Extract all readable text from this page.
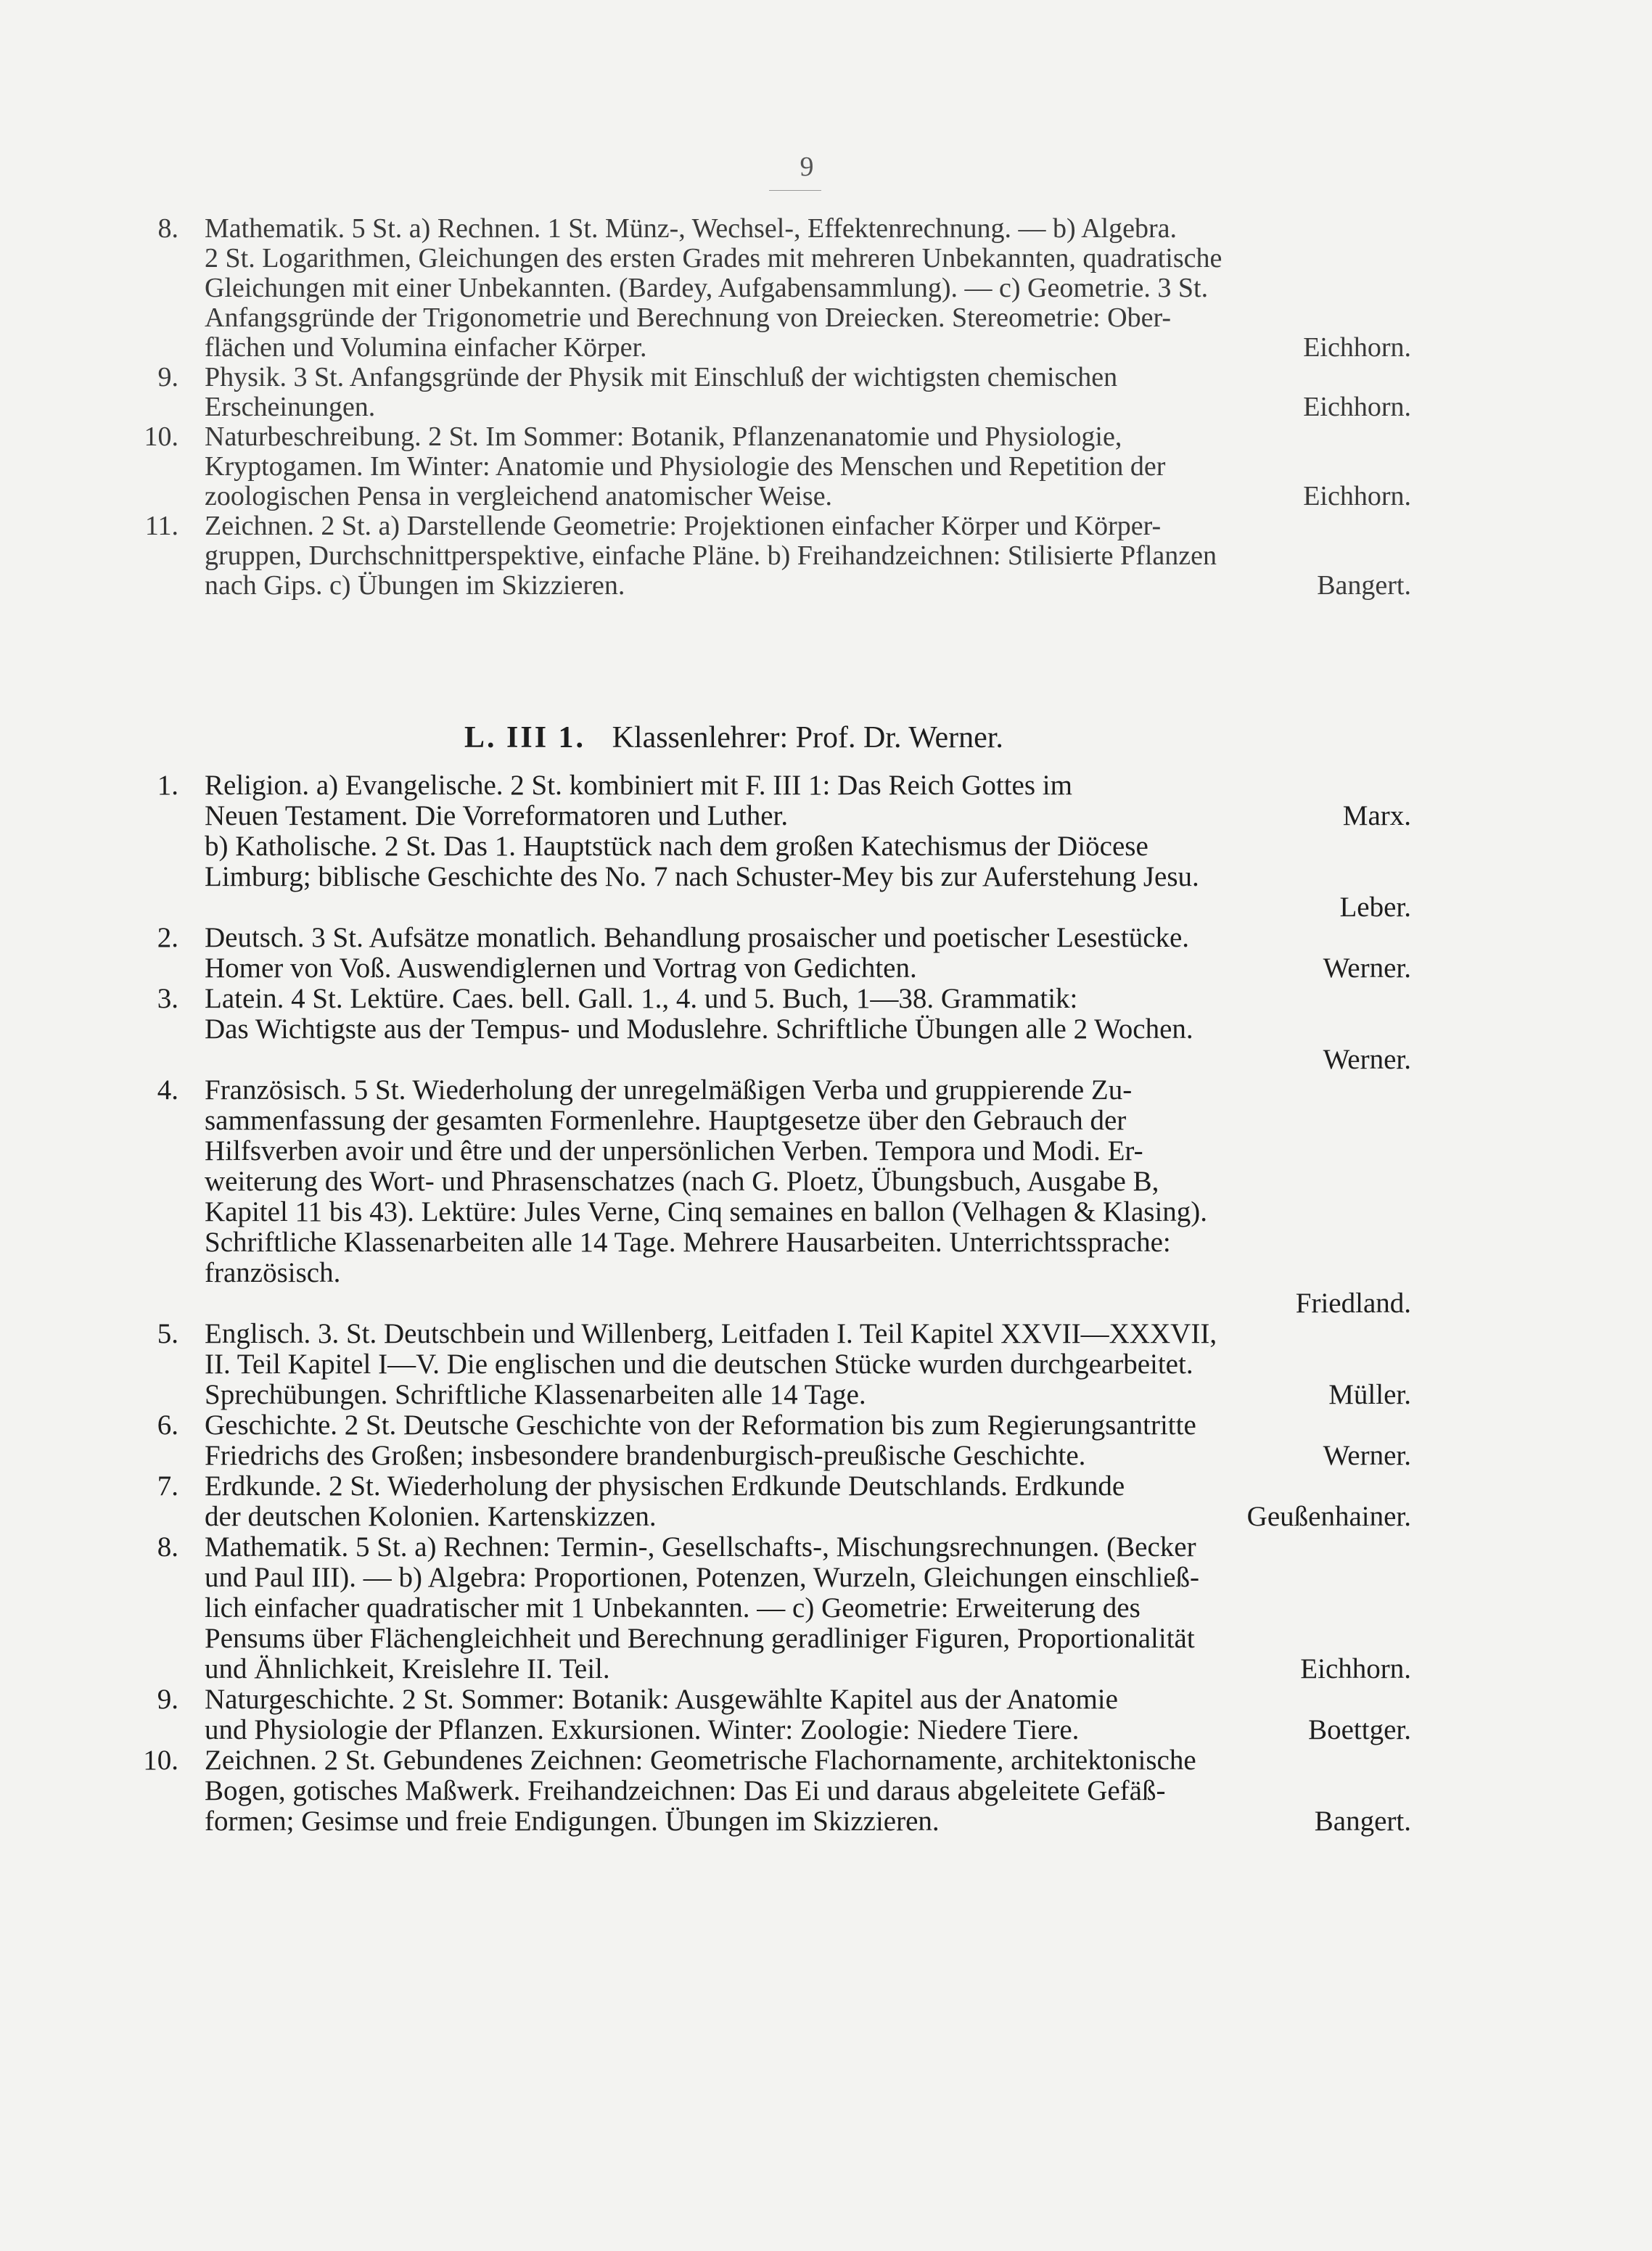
9
8. Mathematik. 5 St. a) Rechnen. 1 St. Münz-, Wechsel-, Effektenrechnung. — b) Algebra.
2 St. Logarithmen, Gleichungen des ersten Grades mit mehreren Unbekannten, quadratische
Gleichungen mit einer Unbekannten. (Bardey, Aufgabensammlung). — c) Geometrie. 3 St.
Anfangsgründe der Trigonometrie und Berechnung von Dreiecken. Stereometrie: Ober-
flächen und Volumina einfacher Körper.	Eichhorn.
9. Physik. 3 St. Anfangsgründe der Physik mit Einschluß der wichtigsten chemischen
Erscheinungen.	Eichhorn.
10. Naturbeschreibung. 2 St. Im Sommer: Botanik, Pflanzenanatomie und Physiologie,
Kryptogamen. Im Winter: Anatomie und Physiologie des Menschen und Repetition der
zoologischen Pensa in vergleichend anatomischer Weise.	Eichhorn.
11. Zeichnen. 2 St. a) Darstellende Geometrie: Projektionen einfacher Körper und Körper-
gruppen, Durchschnittperspektive, einfache Pläne. b) Freihandzeichnen: Stilisierte Pflanzen
nach Gips. c) Übungen im Skizzieren.	Bangert.
L. III 1. Klassenlehrer: Prof. Dr. Werner.
1. Religion. a) Evangelische. 2 St. kombiniert mit F. III 1: Das Reich Gottes im
Neuen Testament. Die Vorreformatoren und Luther.	Marx.
b) Katholische. 2 St. Das 1. Hauptstück nach dem großen Katechismus der Diöcese
Limburg; biblische Geschichte des No. 7 nach Schuster-Mey bis zur Auferstehung Jesu.
Leber.
2. Deutsch. 3 St. Aufsätze monatlich. Behandlung prosaischer und poetischer Lesestücke.
Homer von Voß. Auswendiglernen und Vortrag von Gedichten.	Werner.
3. Latein. 4 St. Lektüre. Caes. bell. Gall. 1., 4. und 5. Buch, 1—38. Grammatik:
Das Wichtigste aus der Tempus- und Moduslehre. Schriftliche Übungen alle 2 Wochen.
Werner.
4. Französisch. 5 St. Wiederholung der unregelmäßigen Verba und gruppierende Zu-
sammenfassung der gesamten Formenlehre. Hauptgesetze über den Gebrauch der
Hilfsverben avoir und être und der unpersönlichen Verben. Tempora und Modi. Er-
weiterung des Wort- und Phrasenschatzes (nach G. Ploetz, Übungsbuch, Ausgabe B,
Kapitel 11 bis 43). Lektüre: Jules Verne, Cinq semaines en ballon (Velhagen & Klasing).
Schriftliche Klassenarbeiten alle 14 Tage. Mehrere Hausarbeiten. Unterrichtssprache:
französisch.
Friedland.
5. Englisch. 3. St. Deutschbein und Willenberg, Leitfaden I. Teil Kapitel XXVII—XXXVII,
II. Teil Kapitel I—V. Die englischen und die deutschen Stücke wurden durchgearbeitet.
Sprechübungen. Schriftliche Klassenarbeiten alle 14 Tage.	Müller.
6. Geschichte. 2 St. Deutsche Geschichte von der Reformation bis zum Regierungsantritte
Friedrichs des Großen; insbesondere brandenburgisch-preußische Geschichte.	Werner.
7. Erdkunde. 2 St. Wiederholung der physischen Erdkunde Deutschlands. Erdkunde
der deutschen Kolonien. Kartenskizzen.	Geußenhainer.
8. Mathematik. 5 St. a) Rechnen: Termin-, Gesellschafts-, Mischungsrechnungen. (Becker
und Paul III). — b) Algebra: Proportionen, Potenzen, Wurzeln, Gleichungen einschließ-
lich einfacher quadratischer mit 1 Unbekannten. — c) Geometrie: Erweiterung des
Pensums über Flächengleichheit und Berechnung geradliniger Figuren, Proportionalität
und Ähnlichkeit, Kreislehre II. Teil.	Eichhorn.
9. Naturgeschichte. 2 St. Sommer: Botanik: Ausgewählte Kapitel aus der Anatomie
und Physiologie der Pflanzen. Exkursionen. Winter: Zoologie: Niedere Tiere.	Boettger.
10. Zeichnen. 2 St. Gebundenes Zeichnen: Geometrische Flachornamente, architektonische
Bogen, gotisches Maßwerk. Freihandzeichnen: Das Ei und daraus abgeleitete Gefäß-
formen; Gesimse und freie Endigungen. Übungen im Skizzieren.	Bangert.
